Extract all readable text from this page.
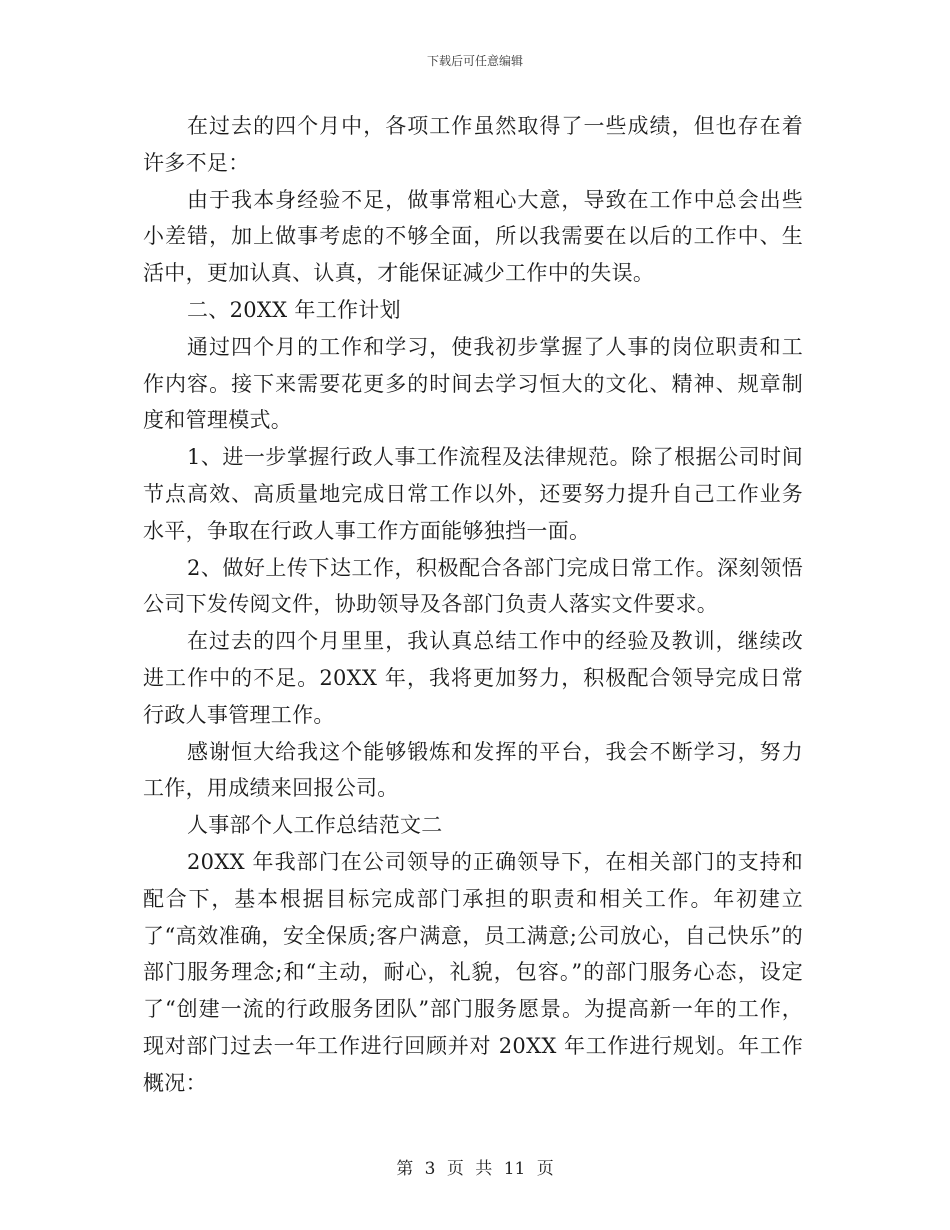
下载后可任意编辑

在过去的四个月中，各项工作虽然取得了一些成绩，但也存在着许多不足：

由于我本身经验不足，做事常粗心大意，导致在工作中总会出些小差错，加上做事考虑的不够全面，所以我需要在以后的工作中、生活中，更加认真、认真，才能保证减少工作中的失误。

二、20XX 年工作计划

通过四个月的工作和学习，使我初步掌握了人事的岗位职责和工作内容。接下来需要花更多的时间去学习恒大的文化、精神、规章制度和管理模式。

1、进一步掌握行政人事工作流程及法律规范。除了根据公司时间节点高效、高质量地完成日常工作以外，还要努力提升自己工作业务水平，争取在行政人事工作方面能够独挡一面。

2、做好上传下达工作，积极配合各部门完成日常工作。深刻领悟公司下发传阅文件，协助领导及各部门负责人落实文件要求。

在过去的四个月里里，我认真总结工作中的经验及教训，继续改进工作中的不足。20XX 年，我将更加努力，积极配合领导完成日常行政人事管理工作。

感谢恒大给我这个能够锻炼和发挥的平台，我会不断学习，努力工作，用成绩来回报公司。

人事部个人工作总结范文二

20XX 年我部门在公司领导的正确领导下，在相关部门的支持和配合下，基本根据目标完成部门承担的职责和相关工作。年初建立了“高效准确，安全保质;客户满意，员工满意;公司放心，自己快乐”的部门服务理念;和“主动，耐心，礼貌，包容。”的部门服务心态，设定了“创建一流的行政服务团队”部门服务愿景。为提高新一年的工作，现对部门过去一年工作进行回顾并对 20XX 年工作进行规划。年工作概况：

第 3 页 共 11 页
